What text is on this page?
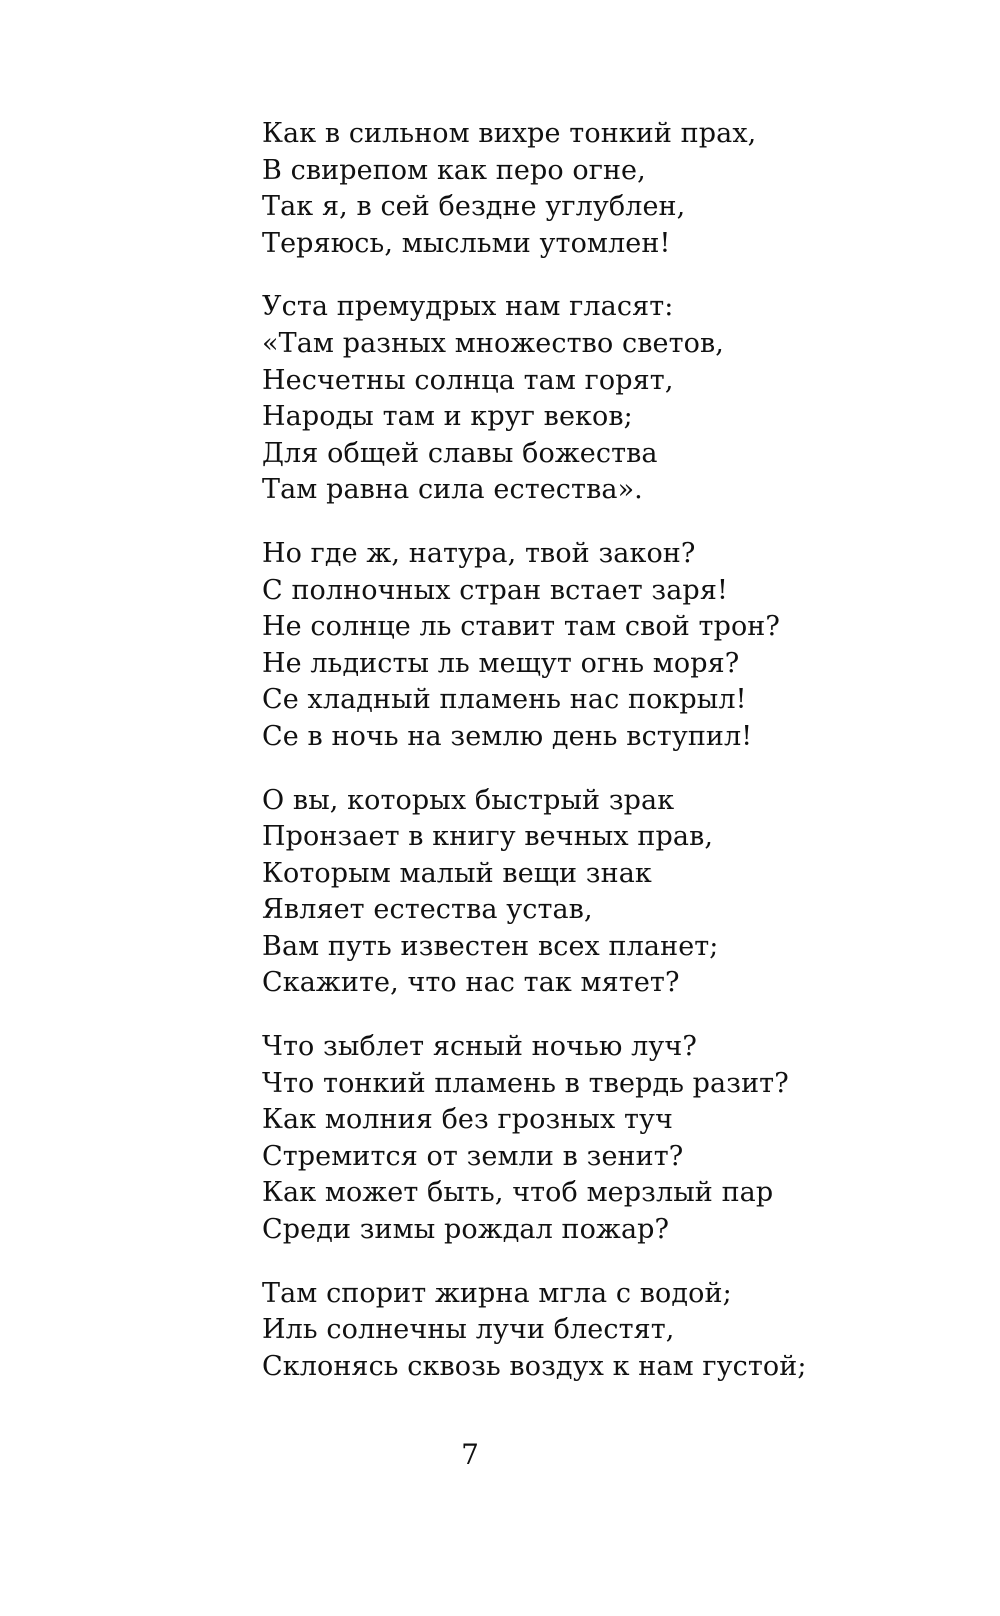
Как в сильном вихре тонкий прах,
В свирепом как перо огне,
Так я, в сей бездне углублен,
Теряюсь, мысльми утомлен!
Уста премудрых нам гласят:
«Там разных множество светов,
Несчетны солнца там горят,
Народы там и круг веков;
Для общей славы божества
Там равна сила естества».
Но где ж, натура, твой закон?
С полночных стран встает заря!
Не солнце ль ставит там свой трон?
Не льдисты ль мещут огнь моря?
Се хладный пламень нас покрыл!
Се в ночь на землю день вступил!
О вы, которых быстрый зрак
Пронзает в книгу вечных прав,
Которым малый вещи знак
Являет естества устав,
Вам путь известен всех планет;
Скажите, что нас так мятет?
Что зыблет ясный ночью луч?
Что тонкий пламень в твердь разит?
Как молния без грозных туч
Стремится от земли в зенит?
Как может быть, чтоб мерзлый пар
Среди зимы рождал пожар?
Там спорит жирна мгла с водой;
Иль солнечны лучи блестят,
Склонясь сквозь воздух к нам густой;
7
